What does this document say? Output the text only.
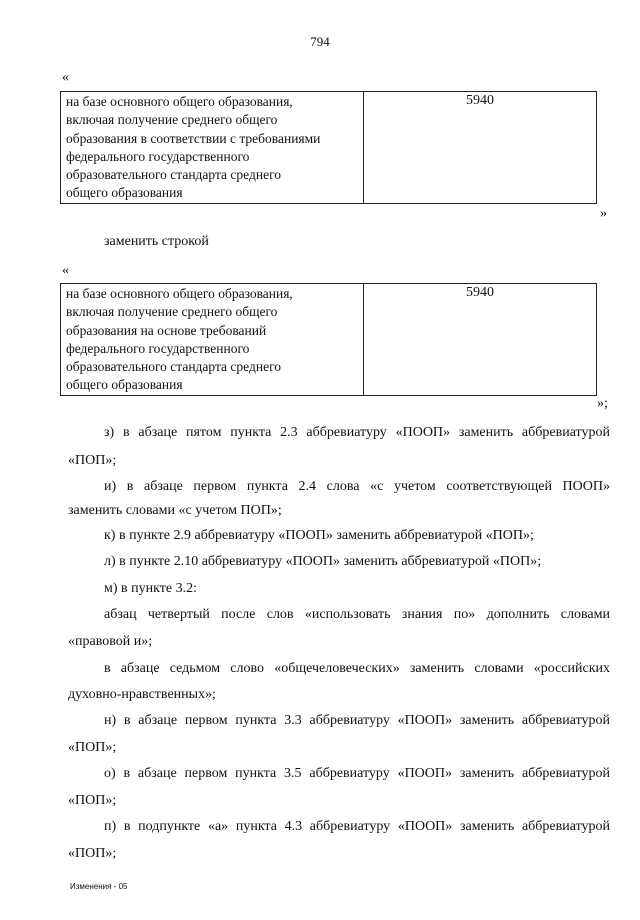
794
«
на базе основного общего образования,
включая получение среднего общего
образования в соответствии с требованиями
федерального государственного
образовательного стандарта среднего
общего образования
5940
»
заменить строкой
«
на базе основного общего образования,
включая получение среднего общего
образования на основе требований
федерального государственного
образовательного стандарта среднего
общего образования
5940
»;
з) в абзаце пятом пункта 2.3 аббревиатуру «ПООП» заменить аббревиатурой
«ПОП»;
и) в абзаце первом пункта 2.4 слова «с учетом соответствующей ПООП»
заменить словами «с учетом ПОП»;
к) в пункте 2.9 аббревиатуру «ПООП» заменить аббревиатурой «ПОП»;
л) в пункте 2.10 аббревиатуру «ПООП» заменить аббревиатурой «ПОП»;
м) в пункте 3.2:
абзац четвертый после слов «использовать знания по» дополнить словами
«правовой и»;
в абзаце седьмом слово «общечеловеческих» заменить словами «российских
духовно-нравственных»;
н) в абзаце первом пункта 3.3 аббревиатуру «ПООП» заменить аббревиатурой
«ПОП»;
о) в абзаце первом пункта 3.5 аббревиатуру «ПООП» заменить аббревиатурой
«ПОП»;
п) в подпункте «а» пункта 4.3 аббревиатуру «ПООП» заменить аббревиатурой
«ПОП»;
Изменения - 05
